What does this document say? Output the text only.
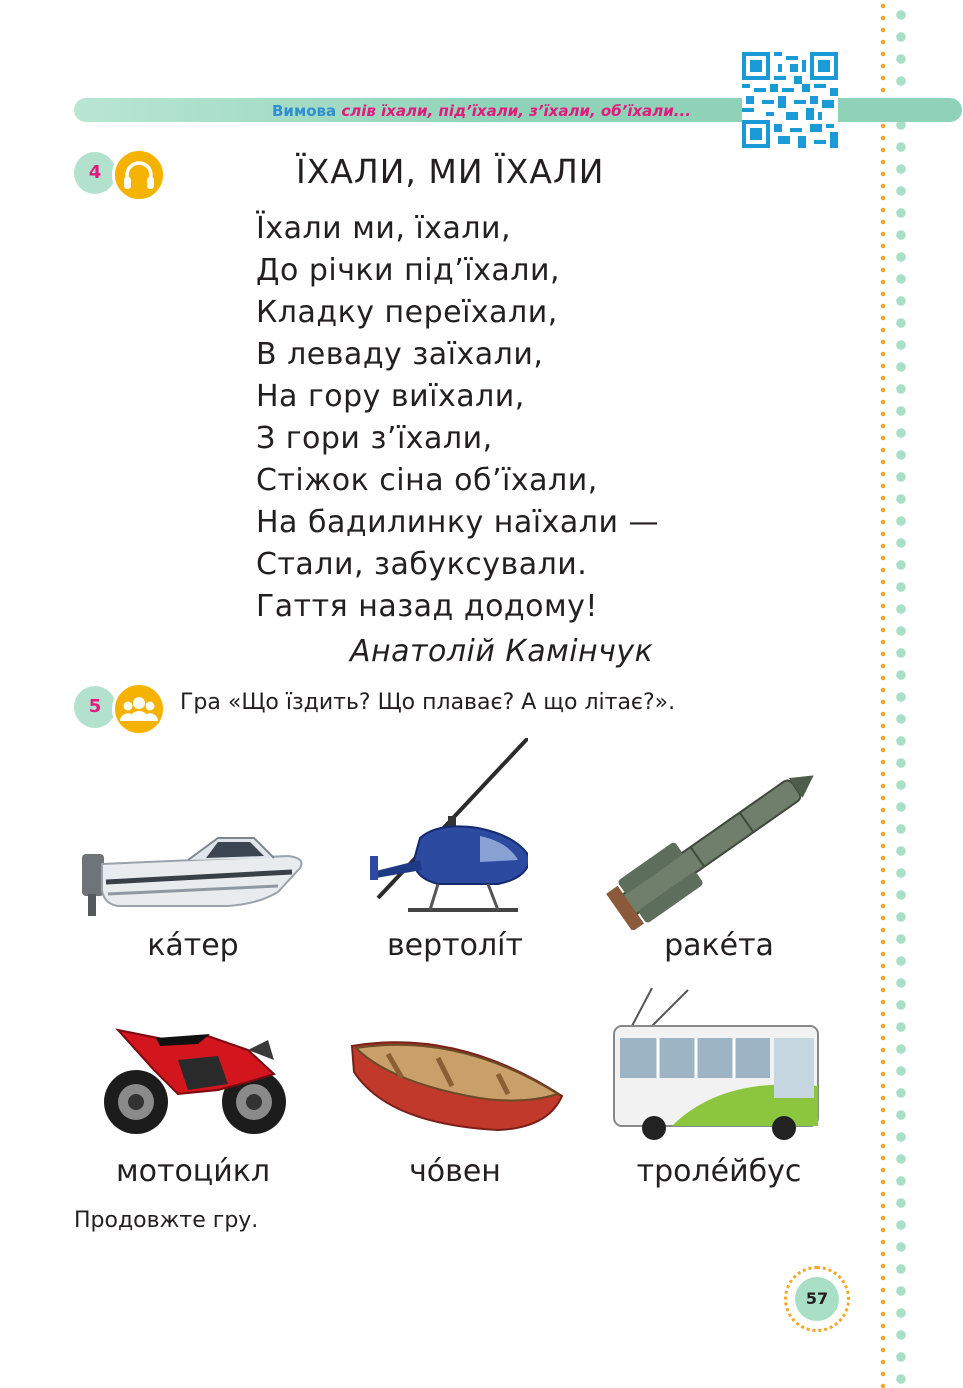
Вимова слів їхали, під’їхали, з’їхали, об’їхали...
4	ЇХАЛИ, МИ ЇХАЛИ
Їхали ми, їхали,
До річки під’їхали,
Кладку переїхали,
В леваду заїхали,
На гору виїхали,
З гори з’їхали,
Стіжок сіна об’їхали,
На бадилинку наїхали —
Стали, забуксували.
Гаття назад додому!
Анатолій Камінчук
5	Гра «Що їздить? Що плаває? А що літає?».
ка́тер	вертолі́т	раке́та
мотоци́кл	чо́вен	троле́йбус
Продовжте гру.
57
